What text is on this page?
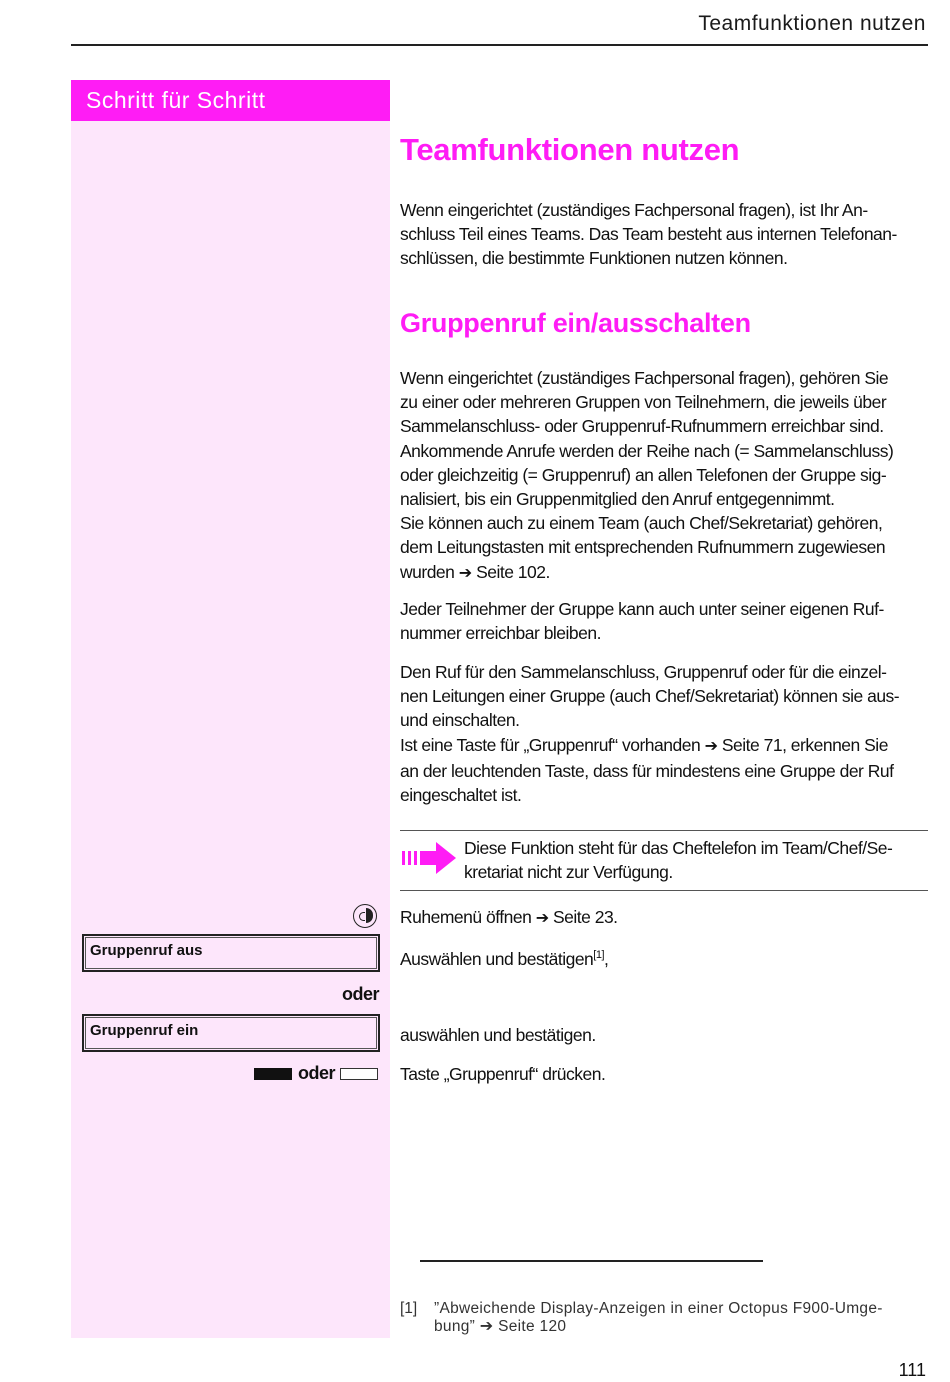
Teamfunktionen nutzen
Schritt für Schritt
Teamfunktionen nutzen
Wenn eingerichtet (zuständiges Fachpersonal fragen), ist Ihr An-
schluss Teil eines Teams. Das Team besteht aus internen Telefonan-
schlüssen, die bestimmte Funktionen nutzen können.
Gruppenruf ein/ausschalten
Wenn eingerichtet (zuständiges Fachpersonal fragen), gehören Sie
zu einer oder mehreren Gruppen von Teilnehmern, die jeweils über
Sammelanschluss- oder Gruppenruf-Rufnummern erreichbar sind.
Ankommende Anrufe werden der Reihe nach (= Sammelanschluss)
oder gleichzeitig (= Gruppenruf) an allen Telefonen der Gruppe sig-
nalisiert, bis ein Gruppenmitglied den Anruf entgegennimmt.
Sie können auch zu einem Team (auch Chef/Sekretariat) gehören,
dem Leitungstasten mit entsprechenden Rufnummern zugewiesen
wurden ➔ Seite 102.
Jeder Teilnehmer der Gruppe kann auch unter seiner eigenen Ruf-
nummer erreichbar bleiben.
Den Ruf für den Sammelanschluss, Gruppenruf oder für die einzel-
nen Leitungen einer Gruppe (auch Chef/Sekretariat) können sie aus-
und einschalten.
Ist eine Taste für „Gruppenruf“ vorhanden ➔ Seite 71, erkennen Sie
an der leuchtenden Taste, dass für mindestens eine Gruppe der Ruf
eingeschaltet ist.
Diese Funktion steht für das Cheftelefon im Team/Chef/Se-
kretariat nicht zur Verfügung.
Ruhemenü öffnen ➔ Seite 23.
Gruppenruf aus	Auswählen und bestätigen[1],
oder
Gruppenruf ein	auswählen und bestätigen.
oder	Taste „Gruppenruf“ drücken.
[1] ”Abweichende Display-Anzeigen in einer Octopus F900-Umge-
bung” ➔ Seite 120
111
